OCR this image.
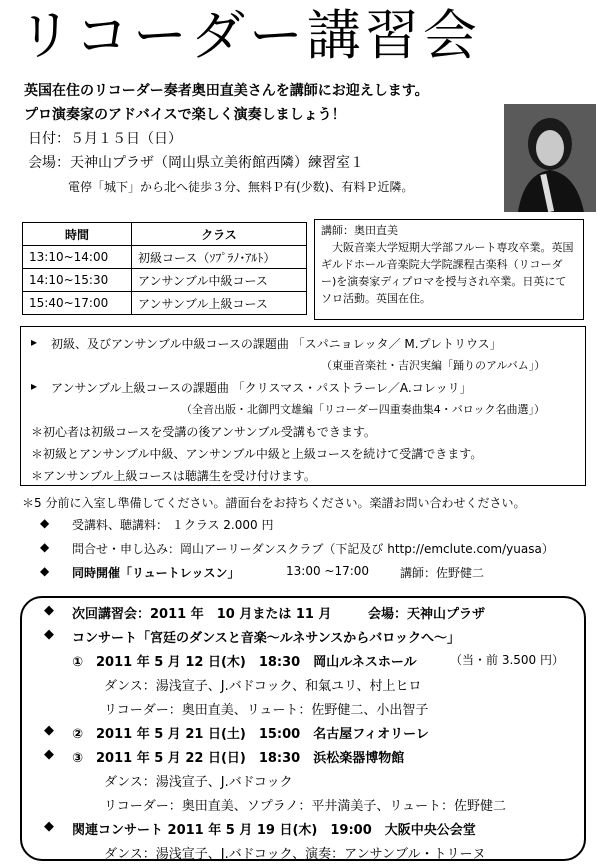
リコーダー講習会
英国在住のリコーダー奏者奥田直美さんを講師にお迎えします。
プロ演奏家のアドバイスで楽しく演奏しましょう！
日付：５月１５日（日）
会場：天神山プラザ（岡山県立美術館西隣）練習室１
電停「城下」から北へ徒歩３分、無料Ｐ有(少数)、有料Ｐ近隣。
時間	クラス
13:10~14:00	初級コース（ｿﾌﾟﾗﾉ･ｱﾙﾄ）
14:10~15:30	アンサンブル中級コース
15:40~17:00	アンサンブル上級コース
講師：奥田直美
　大阪音楽大学短期大学部フルート専攻卒業。英国ギルドホール音楽院大学院課程古楽科（リコーダー)を演奏家ディプロマを授与され卒業。日英にてソロ活動。英国在住。
▸ 初級、及びアンサンブル中級コースの課題曲 「スパニョレッタ／ M.プレトリウス」
（東亜音楽社・吉沢実編「踊りのアルバム」）
▸ アンサンブル上級コースの課題曲 「クリスマス・パストラーレ／A.コレッリ」
（全音出版・北御門文雄編「リコーダー四重奏曲集4・バロック名曲選」）
＊初心者は初級コースを受講の後アンサンブル受講もできます。
＊初級とアンサンブル中級、アンサンブル中級と上級コースを続けて受講できます。
＊アンサンブル上級コースは聴講生を受け付けます。
＊5 分前に入室し準備してください。譜面台をお持ちください。楽譜お問い合わせください。
◆ 受講料、聴講料： １クラス 2.000 円
◆ 問合せ・申し込み：岡山アーリーダンスクラブ（下記及び http://emclute.com/yuasa）
◆ 同時開催「リュートレッスン」	13:00 ~17:00	講師：佐野健二
◆ 次回講習会：2011 年　10 月または 11 月	会場：天神山プラザ
◆ コンサート「宮廷のダンスと音楽～ルネサンスからバロックへ～」
①　2011 年 5 月 12 日(木)　18:30　岡山ルネスホール	（当・前 3.500 円）
ダンス：湯浅宣子、J.バドコック、和氣ユリ、村上ヒロ
リコーダー：奥田直美、リュート：佐野健二、小出智子
◆ ②　2011 年 5 月 21 日(土)　15:00　名古屋フィオリーレ
◆ ③　2011 年 5 月 22 日(日)　18:30　浜松楽器博物館
ダンス：湯浅宣子、J.バドコック
リコーダー：奥田直美、ソプラノ：平井満美子、リュート：佐野健二
◆ 関連コンサート 2011 年 5 月 19 日(木)　19:00　大阪中央公会堂
ダンス：湯浅宣子、J.バドコック、演奏：アンサンブル・トリーヌ
